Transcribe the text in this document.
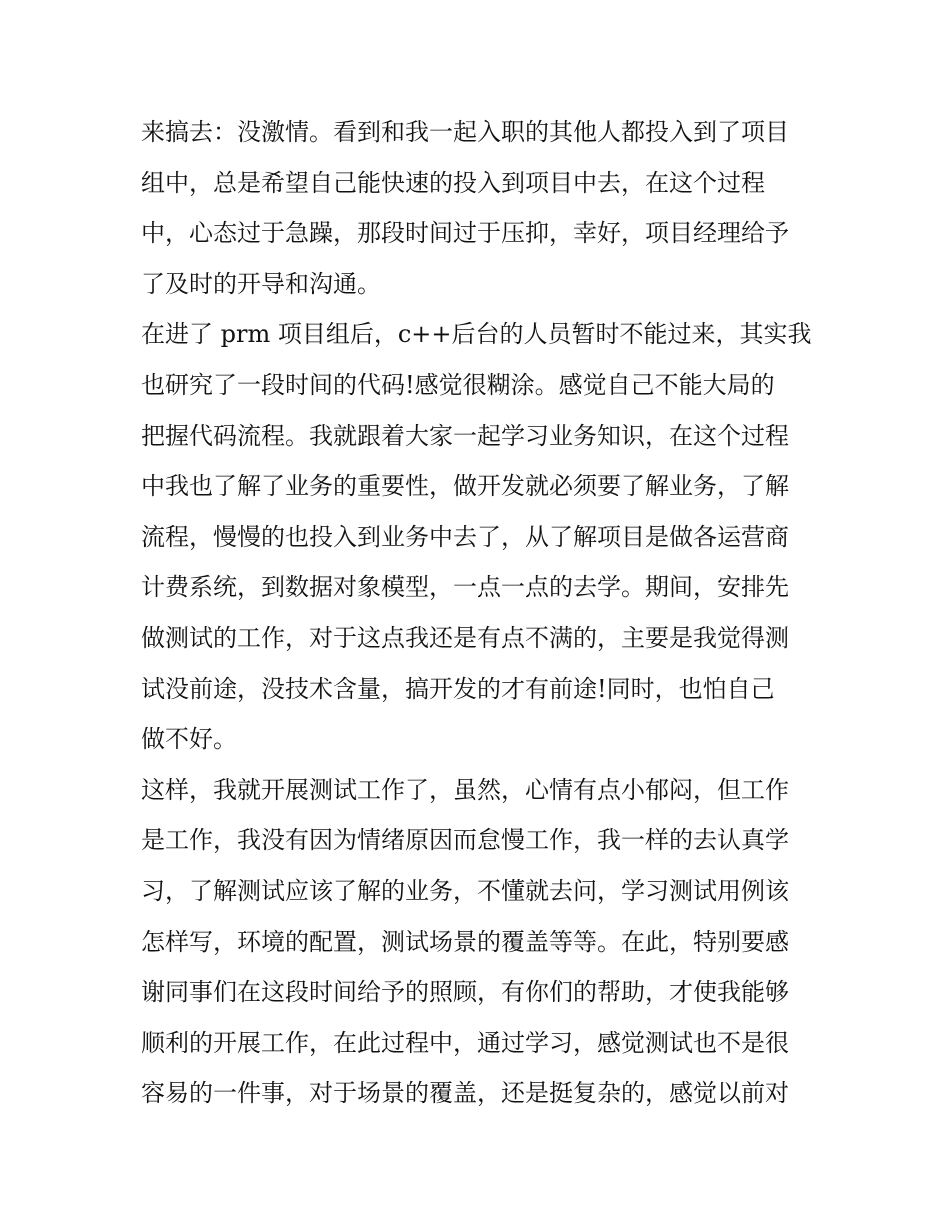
来搞去：没激情。看到和我一起入职的其他人都投入到了项目
组中，总是希望自己能快速的投入到项目中去，在这个过程
中，心态过于急躁，那段时间过于压抑，幸好，项目经理给予
了及时的开导和沟通。
在进了 prm 项目组后，c++后台的人员暂时不能过来，其实我
也研究了一段时间的代码!感觉很糊涂。感觉自己不能大局的
把握代码流程。我就跟着大家一起学习业务知识，在这个过程
中我也了解了业务的重要性，做开发就必须要了解业务，了解
流程，慢慢的也投入到业务中去了，从了解项目是做各运营商
计费系统，到数据对象模型，一点一点的去学。期间，安排先
做测试的工作，对于这点我还是有点不满的，主要是我觉得测
试没前途，没技术含量，搞开发的才有前途!同时，也怕自己
做不好。
这样，我就开展测试工作了，虽然，心情有点小郁闷，但工作
是工作，我没有因为情绪原因而怠慢工作，我一样的去认真学
习，了解测试应该了解的业务，不懂就去问，学习测试用例该
怎样写，环境的配置，测试场景的覆盖等等。在此，特别要感
谢同事们在这段时间给予的照顾，有你们的帮助，才使我能够
顺利的开展工作，在此过程中，通过学习，感觉测试也不是很
容易的一件事，对于场景的覆盖，还是挺复杂的，感觉以前对
